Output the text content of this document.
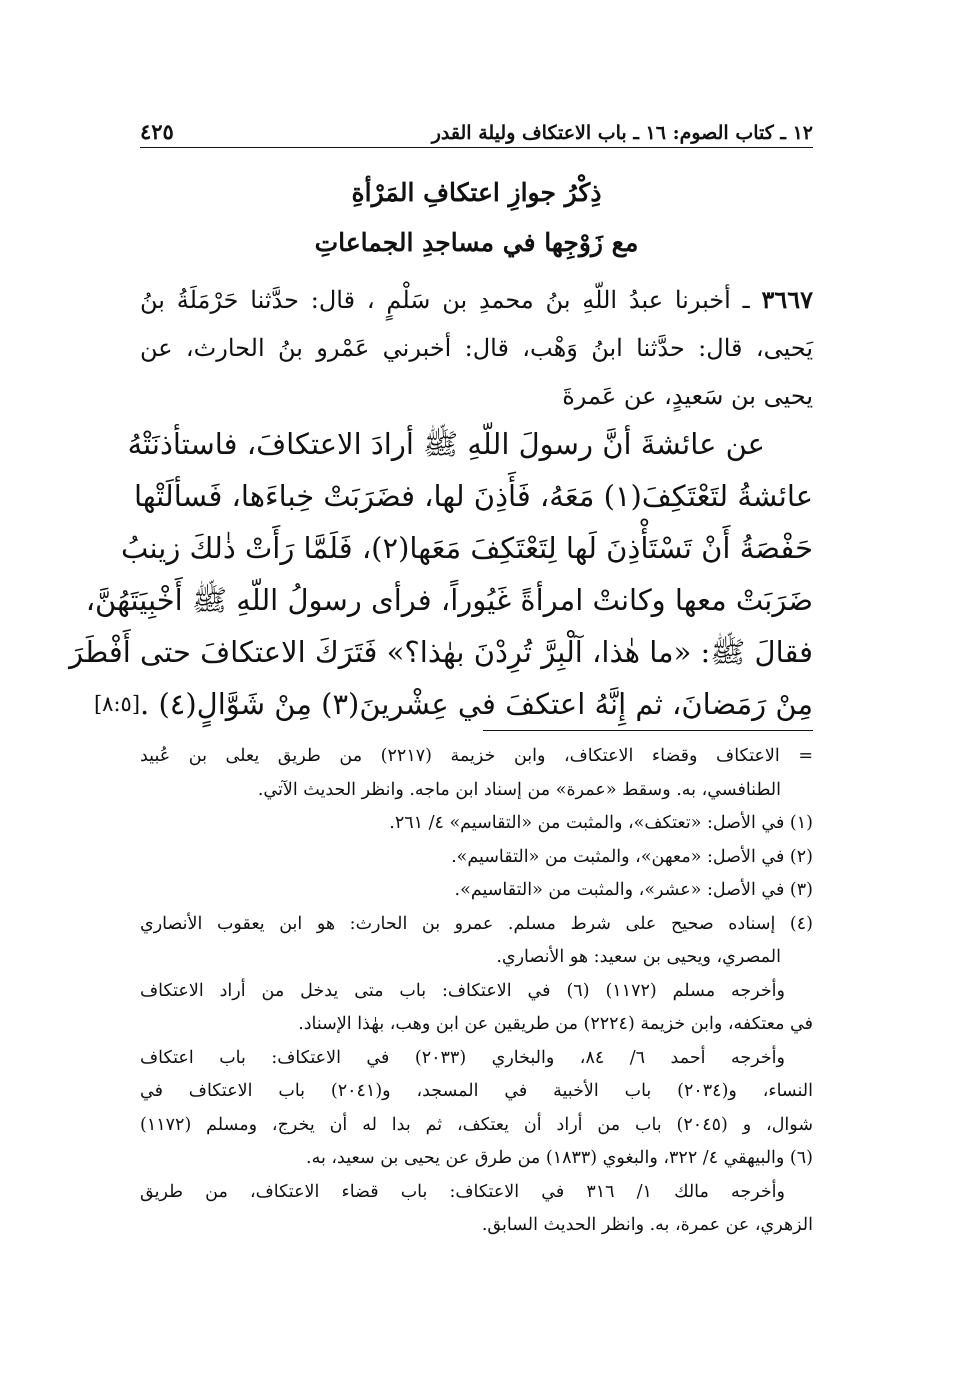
١٢ ـ كتاب الصوم: ١٦ ـ باب الاعتكاف وليلة القدر
٤٢٥
ذِكْرُ جوازِ اعتكافِ المَرْأةِ
مع زَوْجِها في مساجدِ الجماعاتِ
٣٦٦٧ ـ أخبرنا عبدُ اللّهِ بنُ محمدِ بن سَلْمٍ ، قال: حدَّثنا حَرْمَلَةُ بنُ
يَحيى، قال: حدَّثنا ابنُ وَهْب، قال: أخبرني عَمْرو بنُ الحارث، عن
يحيى بن سَعيدٍ، عن عَمرةَ
عن عائشةَ أنَّ رسولَ اللّهِ ﷺ أرادَ الاعتكافَ، فاستأذنَتْهُ
عائشةُ لتَعْتَكِفَ(١) مَعَهُ، فَأَذِنَ لها، فضَرَبَتْ خِباءَها، فَسألَتْها
حَفْصَةُ أَنْ تَسْتَأْذِنَ لَها لِتَعْتَكِفَ مَعَها(٢)، فَلَمَّا رَأَتْ ذٰلكَ زينبُ
ضَرَبَتْ معها وكانتْ امرأةً غَيُوراً، فرأى رسولُ اللّهِ ﷺ أَخْبِيَتَهُنَّ،
فقالَ ﷺ: «ما هٰذا، آلْبِرَّ تُرِدْنَ بهٰذا؟» فَتَرَكَ الاعتكافَ حتى أَفْطَرَ
مِنْ رَمَضانَ، ثم إِنَّهُ اعتكفَ في عِشْرينَ(٣) مِنْ شَوَّالٍ(٤) .
[٨:٥]
= الاعتكاف وقضاء الاعتكاف، وابن خزيمة (٢٢١٧) من طريق يعلى بن عُبيد
الطنافسي، به. وسقط «عمرة» من إسناد ابن ماجه. وانظر الحديث الآتي.
(١) في الأصل: «تعتكف»، والمثبت من «التقاسيم» ٤/ ٢٦١.
(٢) في الأصل: «معهن»، والمثبت من «التقاسيم».
(٣) في الأصل: «عشر»، والمثبت من «التقاسيم».
(٤) إسناده صحيح على شرط مسلم. عمرو بن الحارث: هو ابن يعقوب الأنصاري
المصري، ويحيى بن سعيد: هو الأنصاري.
وأخرجه مسلم (١١٧٢) (٦) في الاعتكاف: باب متى يدخل من أراد الاعتكاف
في معتكفه، وابن خزيمة (٢٢٢٤) من طريقين عن ابن وهب، بهٰذا الإسناد.
وأخرجه أحمد ٦/ ٨٤، والبخاري (٢٠٣٣) في الاعتكاف: باب اعتكاف
النساء، و(٢٠٣٤) باب الأخبية في المسجد، و(٢٠٤١) باب الاعتكاف في
شوال، و (٢٠٤٥) باب من أراد أن يعتكف، ثم بدا له أن يخرج، ومسلم (١١٧٢)
(٦) والبيهقي ٤/ ٣٢٢، والبغوي (١٨٣٣) من طرق عن يحيى بن سعيد، به.
وأخرجه مالك ١/ ٣١٦ في الاعتكاف: باب قضاء الاعتكاف، من طريق
الزهري، عن عمرة، به. وانظر الحديث السابق.
